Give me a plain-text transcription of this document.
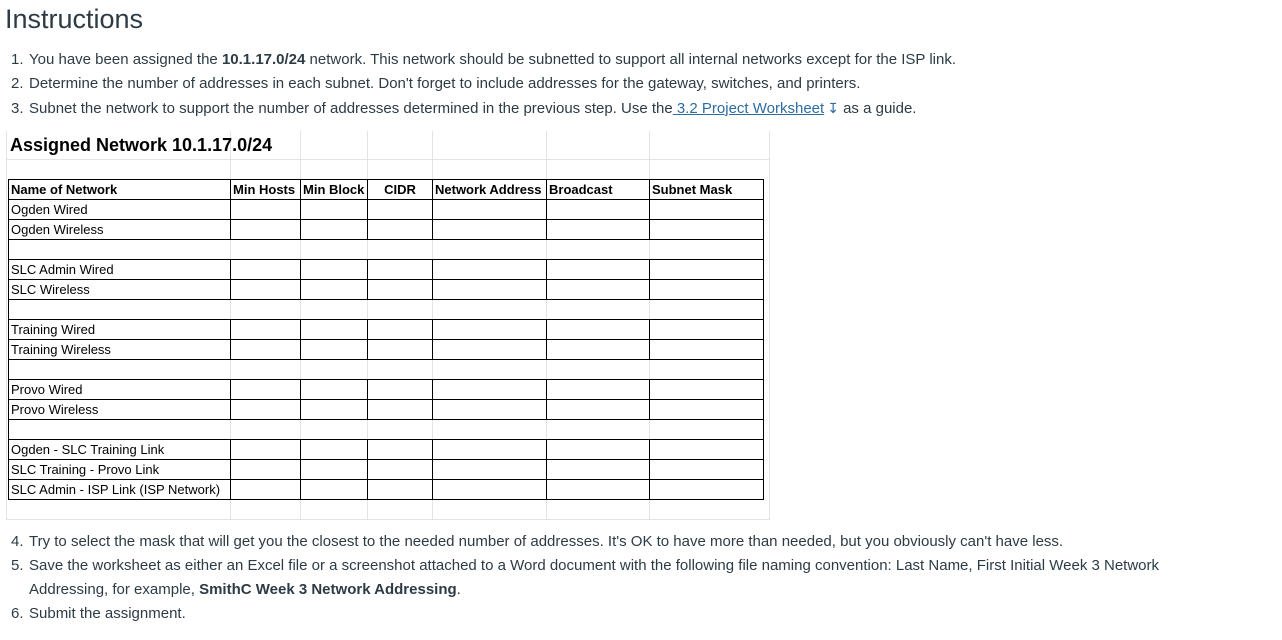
Instructions
1. You have been assigned the 10.1.17.0/24 network. This network should be subnetted to support all internal networks except for the ISP link.
2. Determine the number of addresses in each subnet. Don't forget to include addresses for the gateway, switches, and printers.
3. Subnet the network to support the number of addresses determined in the previous step. Use the 3.2 Project Worksheet ↧ as a guide.
Assigned Network 10.1.17.0/24
Name of Network	Min Hosts	Min Block	CIDR	Network Address	Broadcast	Subnet Mask
Ogden Wired						
Ogden Wireless						

SLC Admin Wired						
SLC Wireless						

Training Wired						
Training Wireless						

Provo Wired						
Provo Wireless						

Ogden - SLC Training Link						
SLC Training - Provo Link						
SLC Admin - ISP Link (ISP Network)						
4. Try to select the mask that will get you the closest to the needed number of addresses. It's OK to have more than needed, but you obviously can't have less.
5. Save the worksheet as either an Excel file or a screenshot attached to a Word document with the following file naming convention: Last Name, First Initial Week 3 Network
Addressing, for example, SmithC Week 3 Network Addressing.
6. Submit the assignment.
